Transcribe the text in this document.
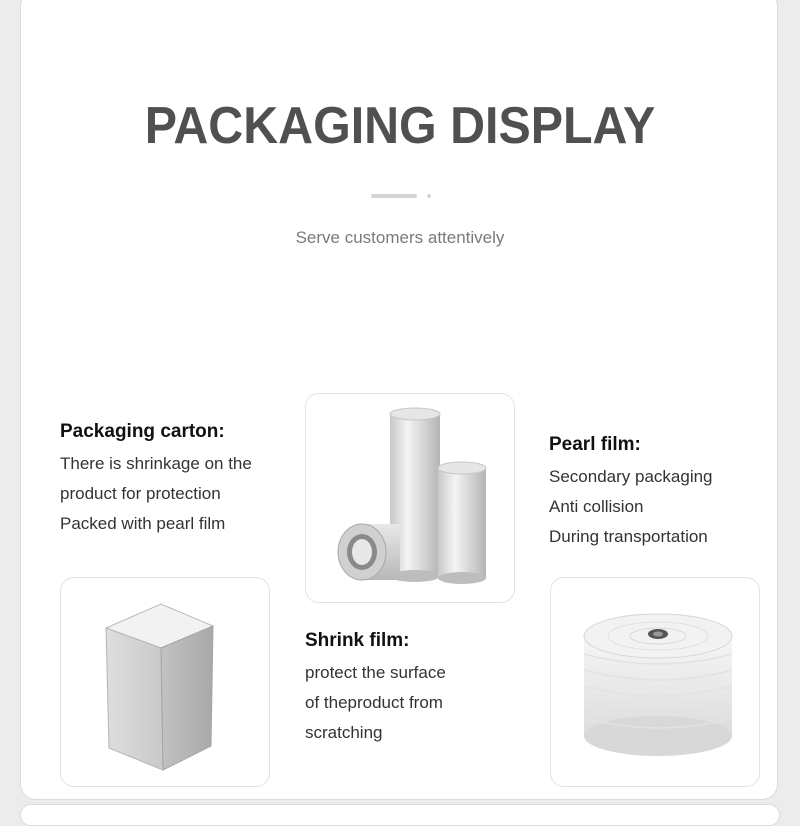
PACKAGING DISPLAY

Serve customers attentively

Packaging carton:

There is shrinkage on the

product for protection

Packed with pearl film

Pearl film:

Secondary packaging

Anti collision

During transportation

Shrink film:

protect the surface

of theproduct from

scratching
